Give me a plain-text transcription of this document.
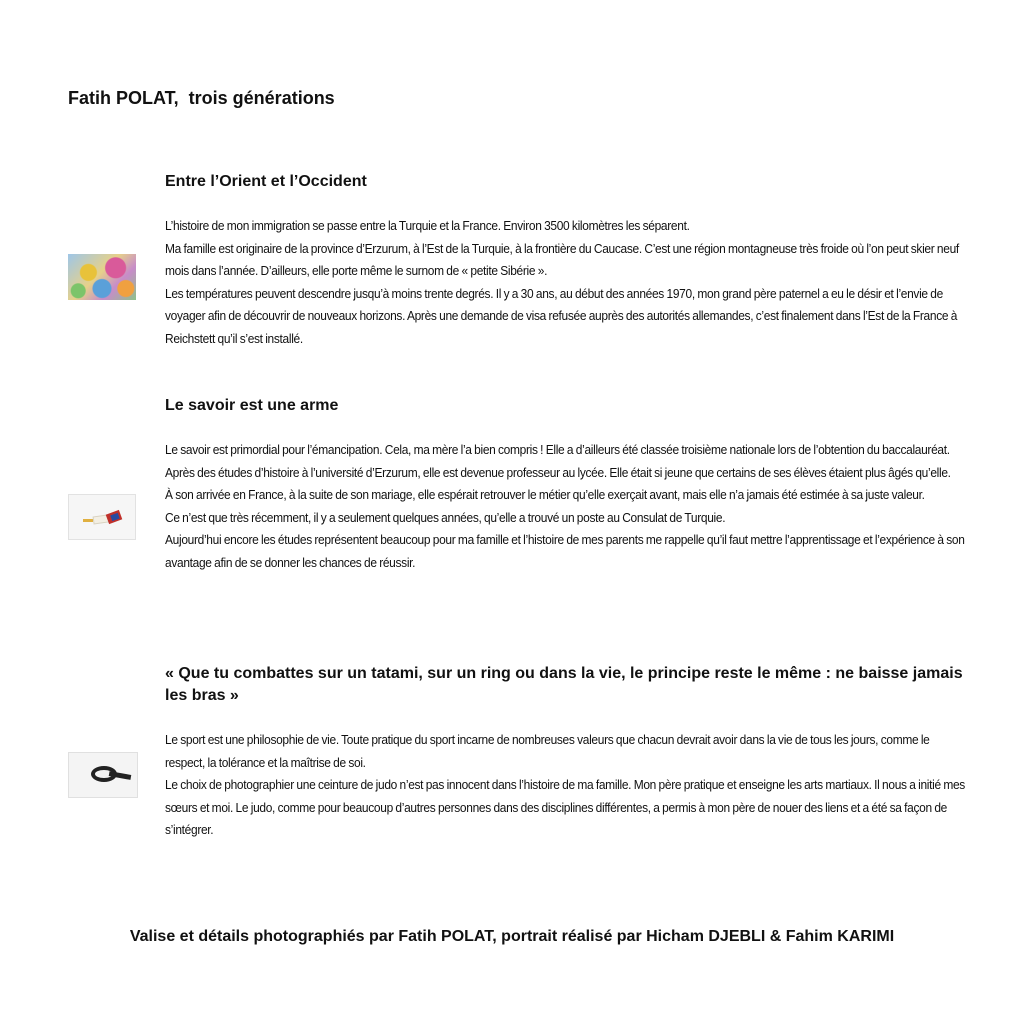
Fatih POLAT,  trois générations
Entre l’Orient et l’Occident

L’histoire de mon immigration se passe entre la Turquie et la France. Environ 3500 kilomètres les séparent.

Ma famille est originaire de la province d’Erzurum, à l’Est de la Turquie, à la frontière du Caucase. C’est une région montagneuse très froide où l’on peut skier neuf mois dans l’année. D’ailleurs, elle porte même le surnom de « petite Sibérie ».

Les températures peuvent descendre jusqu’à moins trente degrés. Il y a 30 ans, au début des années 1970, mon grand père paternel a eu le désir et l’envie de voyager afin de découvrir de nouveaux horizons. Après une demande de visa refusée auprès des autorités allemandes, c’est finalement dans l’Est de la France à Reichstett qu’il s’est installé.

Le savoir est une arme

Le savoir est primordial pour l’émancipation. Cela, ma mère l’a bien compris ! Elle a d’ailleurs été classée troisième nationale lors de l’obtention du baccalauréat. Après des études d’histoire à l’université d’Erzurum, elle est devenue professeur au lycée. Elle était si jeune que certains de ses élèves étaient plus âgés qu’elle.

À son arrivée en France, à la suite de son mariage, elle espérait retrouver le métier qu’elle exerçait avant, mais elle n’a jamais été estimée à sa juste valeur.

Ce n’est que très récemment, il y a seulement quelques années, qu’elle a trouvé un poste au Consulat de Turquie.

Aujourd’hui encore les études représentent beaucoup pour ma famille et l’histoire de mes parents me rappelle qu’il faut mettre l’apprentissage et l’expérience à son avantage afin de se donner les chances de réussir.

« Que tu combattes sur un tatami, sur un ring ou dans la vie, le principe reste le même : ne baisse jamais les bras »

Le sport est une philosophie de vie. Toute pratique du sport incarne de nombreuses valeurs que chacun devrait avoir dans la vie de tous les jours, comme le respect, la tolérance et la maîtrise de soi.

Le choix de photographier une ceinture de judo n’est pas innocent dans l’histoire de ma famille. Mon père pratique et enseigne les arts martiaux. Il nous a initié mes sœurs et moi. Le judo, comme pour beaucoup d’autres personnes dans des disciplines différentes, a permis à mon père de nouer des liens et a été sa façon de s’intégrer.

Valise et détails photographiés par Fatih POLAT, portrait réalisé par Hicham DJEBLI & Fahim KARIMI
